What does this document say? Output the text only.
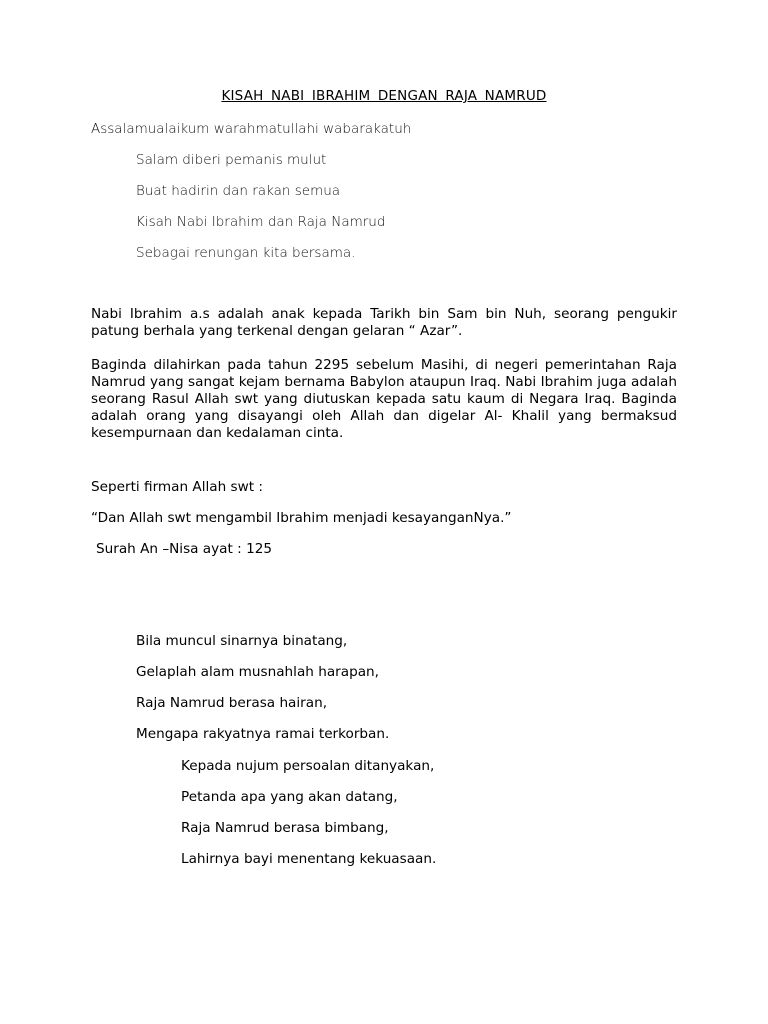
KISAH NABI IBRAHIM DENGAN RAJA NAMRUD
Assalamualaikum warahmatullahi wabarakatuh
Salam diberi pemanis mulut
Buat hadirin dan rakan semua
Kisah Nabi Ibrahim dan Raja Namrud
Sebagai renungan kita bersama.
Nabi Ibrahim a.s adalah anak kepada Tarikh bin Sam bin Nuh, seorang pengukir patung berhala yang terkenal dengan gelaran “ Azar”.
Baginda dilahirkan pada tahun 2295 sebelum Masihi, di negeri pemerintahan Raja Namrud yang sangat kejam bernama Babylon ataupun Iraq. Nabi Ibrahim juga adalah seorang Rasul Allah swt yang diutuskan kepada satu kaum di Negara Iraq. Baginda adalah orang yang disayangi oleh Allah dan digelar Al- Khalil yang bermaksud kesempurnaan dan kedalaman cinta.
Seperti firman Allah swt :
“Dan Allah swt mengambil Ibrahim menjadi kesayanganNya.”
Surah An –Nisa ayat : 125
Bila muncul sinarnya binatang,
Gelaplah alam musnahlah harapan,
Raja Namrud berasa hairan,
Mengapa rakyatnya ramai terkorban.
Kepada nujum persoalan ditanyakan,
Petanda apa yang akan datang,
Raja Namrud berasa bimbang,
Lahirnya bayi menentang kekuasaan.
